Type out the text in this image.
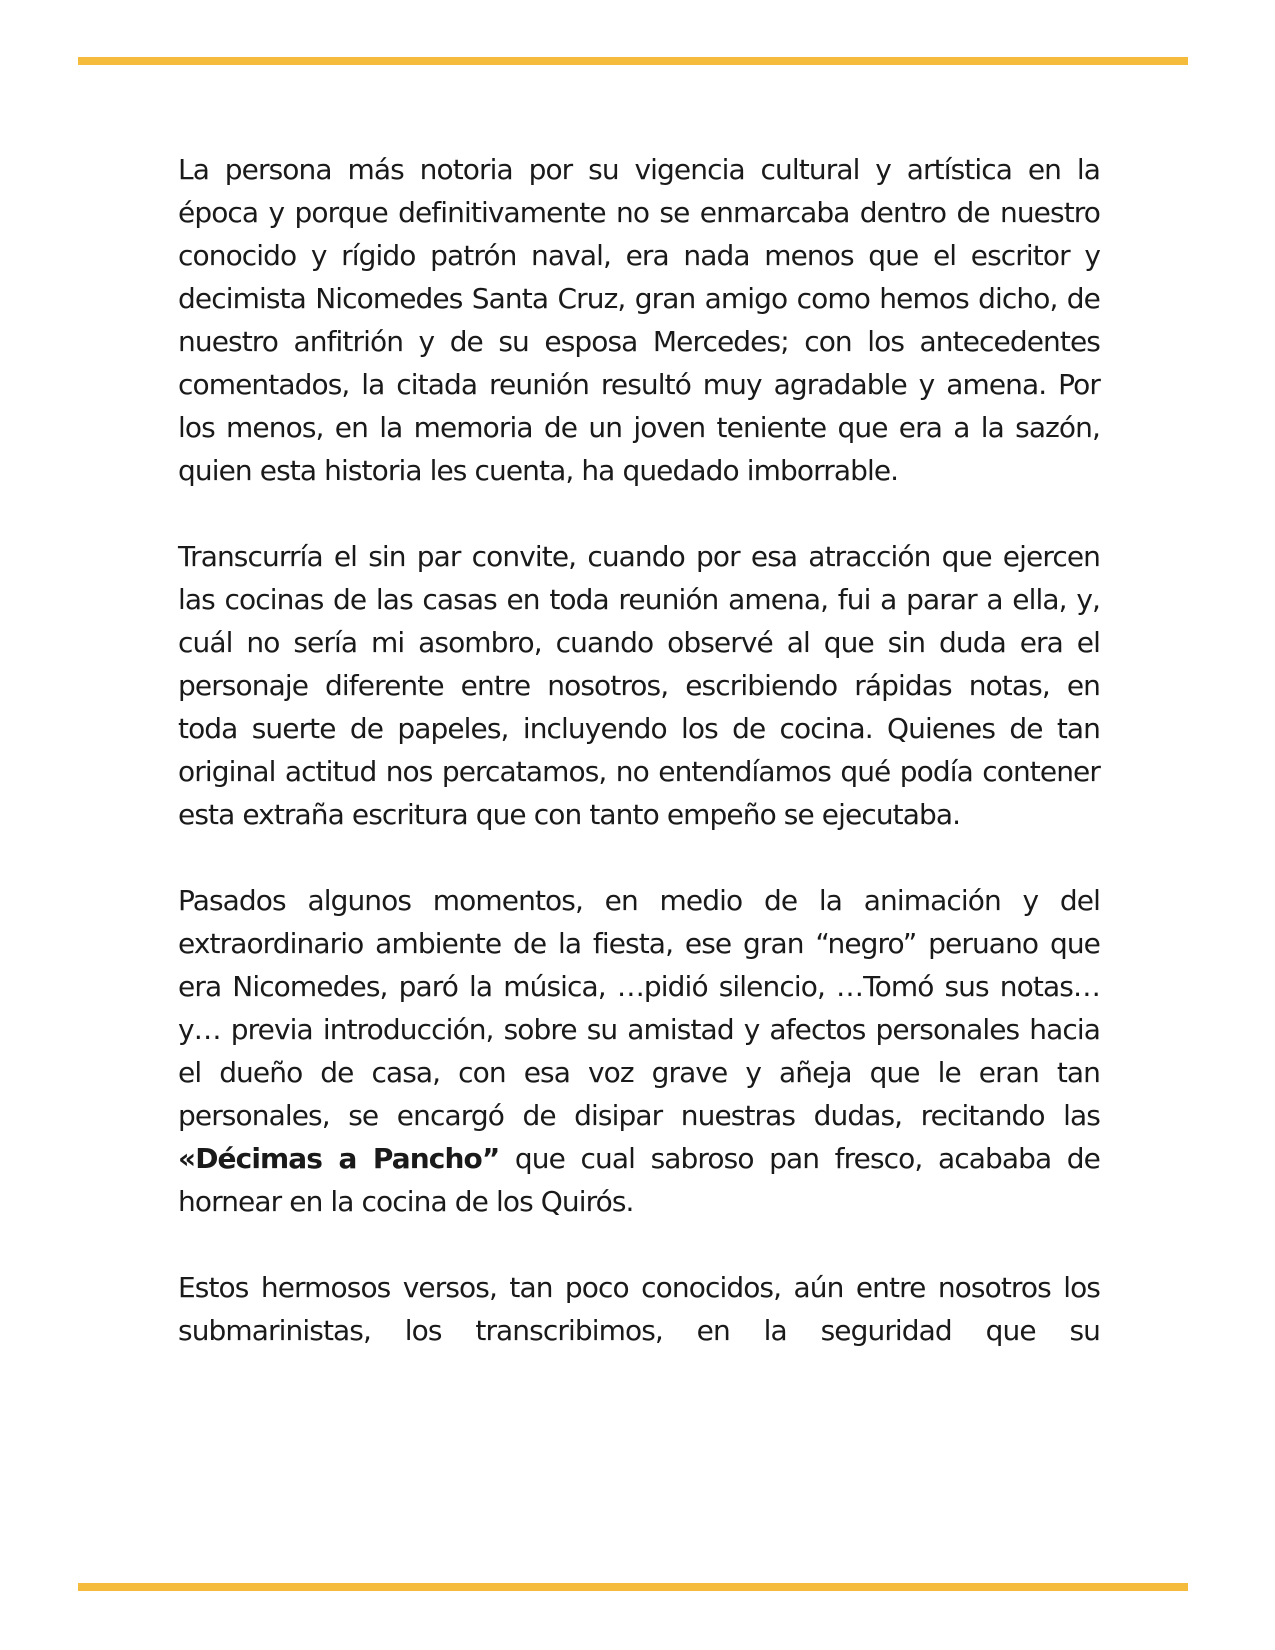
La persona más notoria por su vigencia cultural y artística en la época y porque definitivamente no se enmarcaba dentro de nuestro conocido y rígido patrón naval, era nada menos que el escritor y decimista Nicomedes Santa Cruz, gran amigo como hemos dicho, de nuestro anfitrión y de su esposa Mercedes; con los antecedentes comentados, la citada reunión resultó muy agradable y amena. Por los menos, en la memoria de un joven teniente que era a la sazón, quien esta historia les cuenta, ha quedado imborrable.

Transcurría el sin par convite, cuando por esa atracción que ejercen las cocinas de las casas en toda reunión amena, fui a parar a ella, y, cuál no sería mi asombro, cuando observé al que sin duda era el personaje diferente entre nosotros, escribiendo rápidas notas, en toda suerte de papeles, incluyendo los de cocina. Quienes de tan original actitud nos percatamos, no entendíamos qué podía contener esta extraña escritura que con tanto empeño se ejecutaba.

Pasados algunos momentos, en medio de la animación y del extraordinario ambiente de la fiesta, ese gran “negro” peruano que era Nicomedes, paró la música, …pidió silencio, …Tomó sus notas… y… previa introducción, sobre su amistad y afectos personales hacia el dueño de casa, con esa voz grave y añeja que le eran tan personales, se encargó de disipar nuestras dudas, recitando las «Décimas a Pancho” que cual sabroso pan fresco, acababa de hornear en la cocina de los Quirós.

Estos hermosos versos, tan poco conocidos, aún entre nosotros los submarinistas, los transcribimos, en la seguridad que su
